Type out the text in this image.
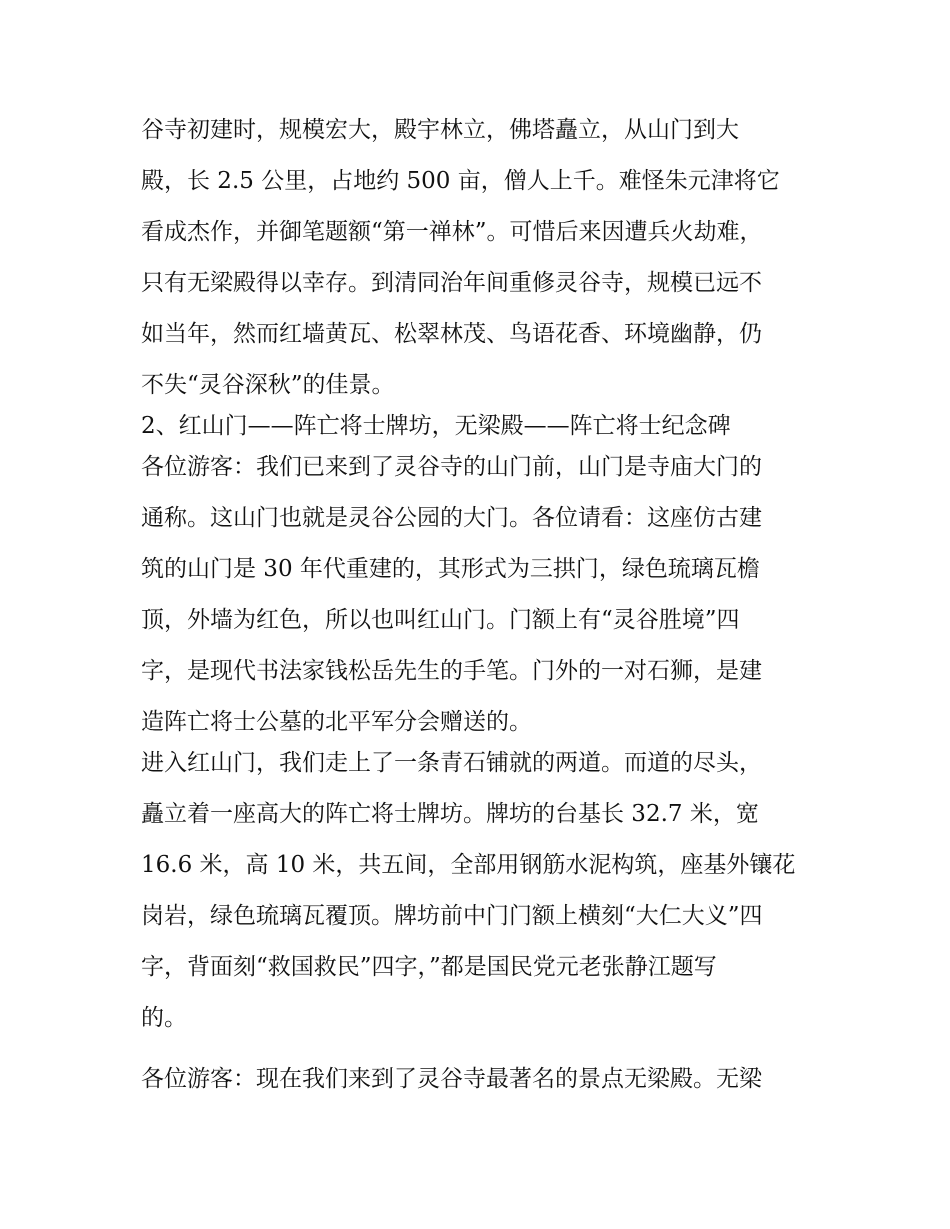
谷寺初建时，规模宏大，殿宇林立，佛塔矗立，从山门到大
殿，长 2.5 公里，占地约 500 亩，僧人上千。难怪朱元津将它
看成杰作，并御笔题额“第一禅林”。可惜后来因遭兵火劫难，
只有无梁殿得以幸存。到清同治年间重修灵谷寺，规模已远不
如当年，然而红墙黄瓦、松翠林茂、鸟语花香、环境幽静，仍
不失“灵谷深秋”的佳景。
2、红山门——阵亡将士牌坊，无梁殿——阵亡将士纪念碑
各位游客：我们已来到了灵谷寺的山门前，山门是寺庙大门的
通称。这山门也就是灵谷公园的大门。各位请看：这座仿古建
筑的山门是 30 年代重建的，其形式为三拱门，绿色琉璃瓦檐
顶，外墙为红色，所以也叫红山门。门额上有“灵谷胜境”四
字，是现代书法家钱松岳先生的手笔。门外的一对石狮，是建
造阵亡将士公墓的北平军分会赠送的。
进入红山门，我们走上了一条青石铺就的两道。而道的尽头，
矗立着一座高大的阵亡将士牌坊。牌坊的台基长 32.7 米，宽
16.6 米，高 10 米，共五间，全部用钢筋水泥构筑，座基外镶花
岗岩，绿色琉璃瓦覆顶。牌坊前中门门额上横刻“大仁大义”四
字，背面刻“救国救民”四字，”都是国民党元老张静江题写
的。
各位游客：现在我们来到了灵谷寺最著名的景点无梁殿。无梁
